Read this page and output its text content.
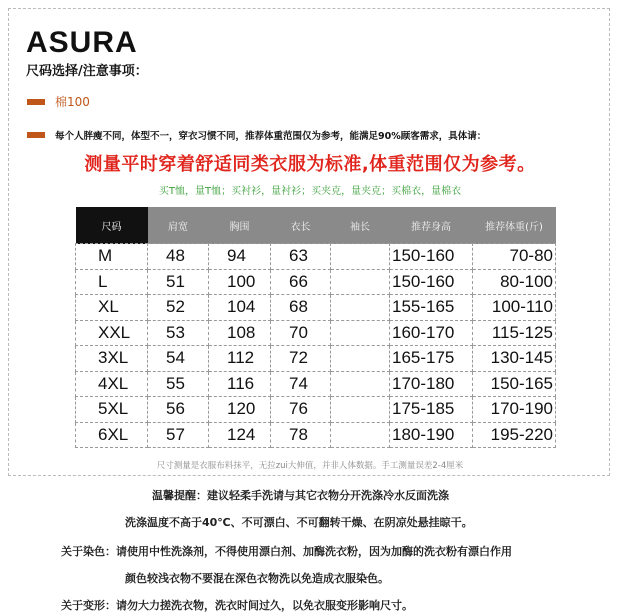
ASURA
尺码选择/注意事项：
棉100
每个人胖瘦不同，体型不一，穿衣习惯不同，推荐体重范围仅为参考，能满足90%顾客需求，具体请：
测量平时穿着舒适同类衣服为标准,体重范围仅为参考。
买T恤，量T恤；买衬衫，量衬衫；买夹克，量夹克；买棉衣，量棉衣
尺码	肩宽	胸围	衣长	袖长	推荐身高	推荐体重(斤)
M	48	94	63		150-160	70-80
L	51	100	66		150-160	80-100
XL	52	104	68		155-165	100-110
XXL	53	108	70		160-170	115-125
3XL	54	112	72		165-175	130-145
4XL	55	116	74		170-180	150-165
5XL	56	120	76		175-185	170-190
6XL	57	124	78		180-190	195-220
尺寸测量是衣服布料抹平，无拉zui大伸值，并非人体数据。手工测量误差2-4厘米
温馨提醒：建议轻柔手洗请与其它衣物分开洗涤冷水反面洗涤
洗涤温度不高于40℃、不可漂白、不可翻转干燥、在阴凉处悬挂晾干。
关于染色：请使用中性洗涤剂，不得使用漂白剂、加酶洗衣粉，因为加酶的洗衣粉有漂白作用
颜色较浅衣物不要混在深色衣物洗以免造成衣服染色。
关于变形：请勿大力搓洗衣物，洗衣时间过久，以免衣服变形影响尺寸。
